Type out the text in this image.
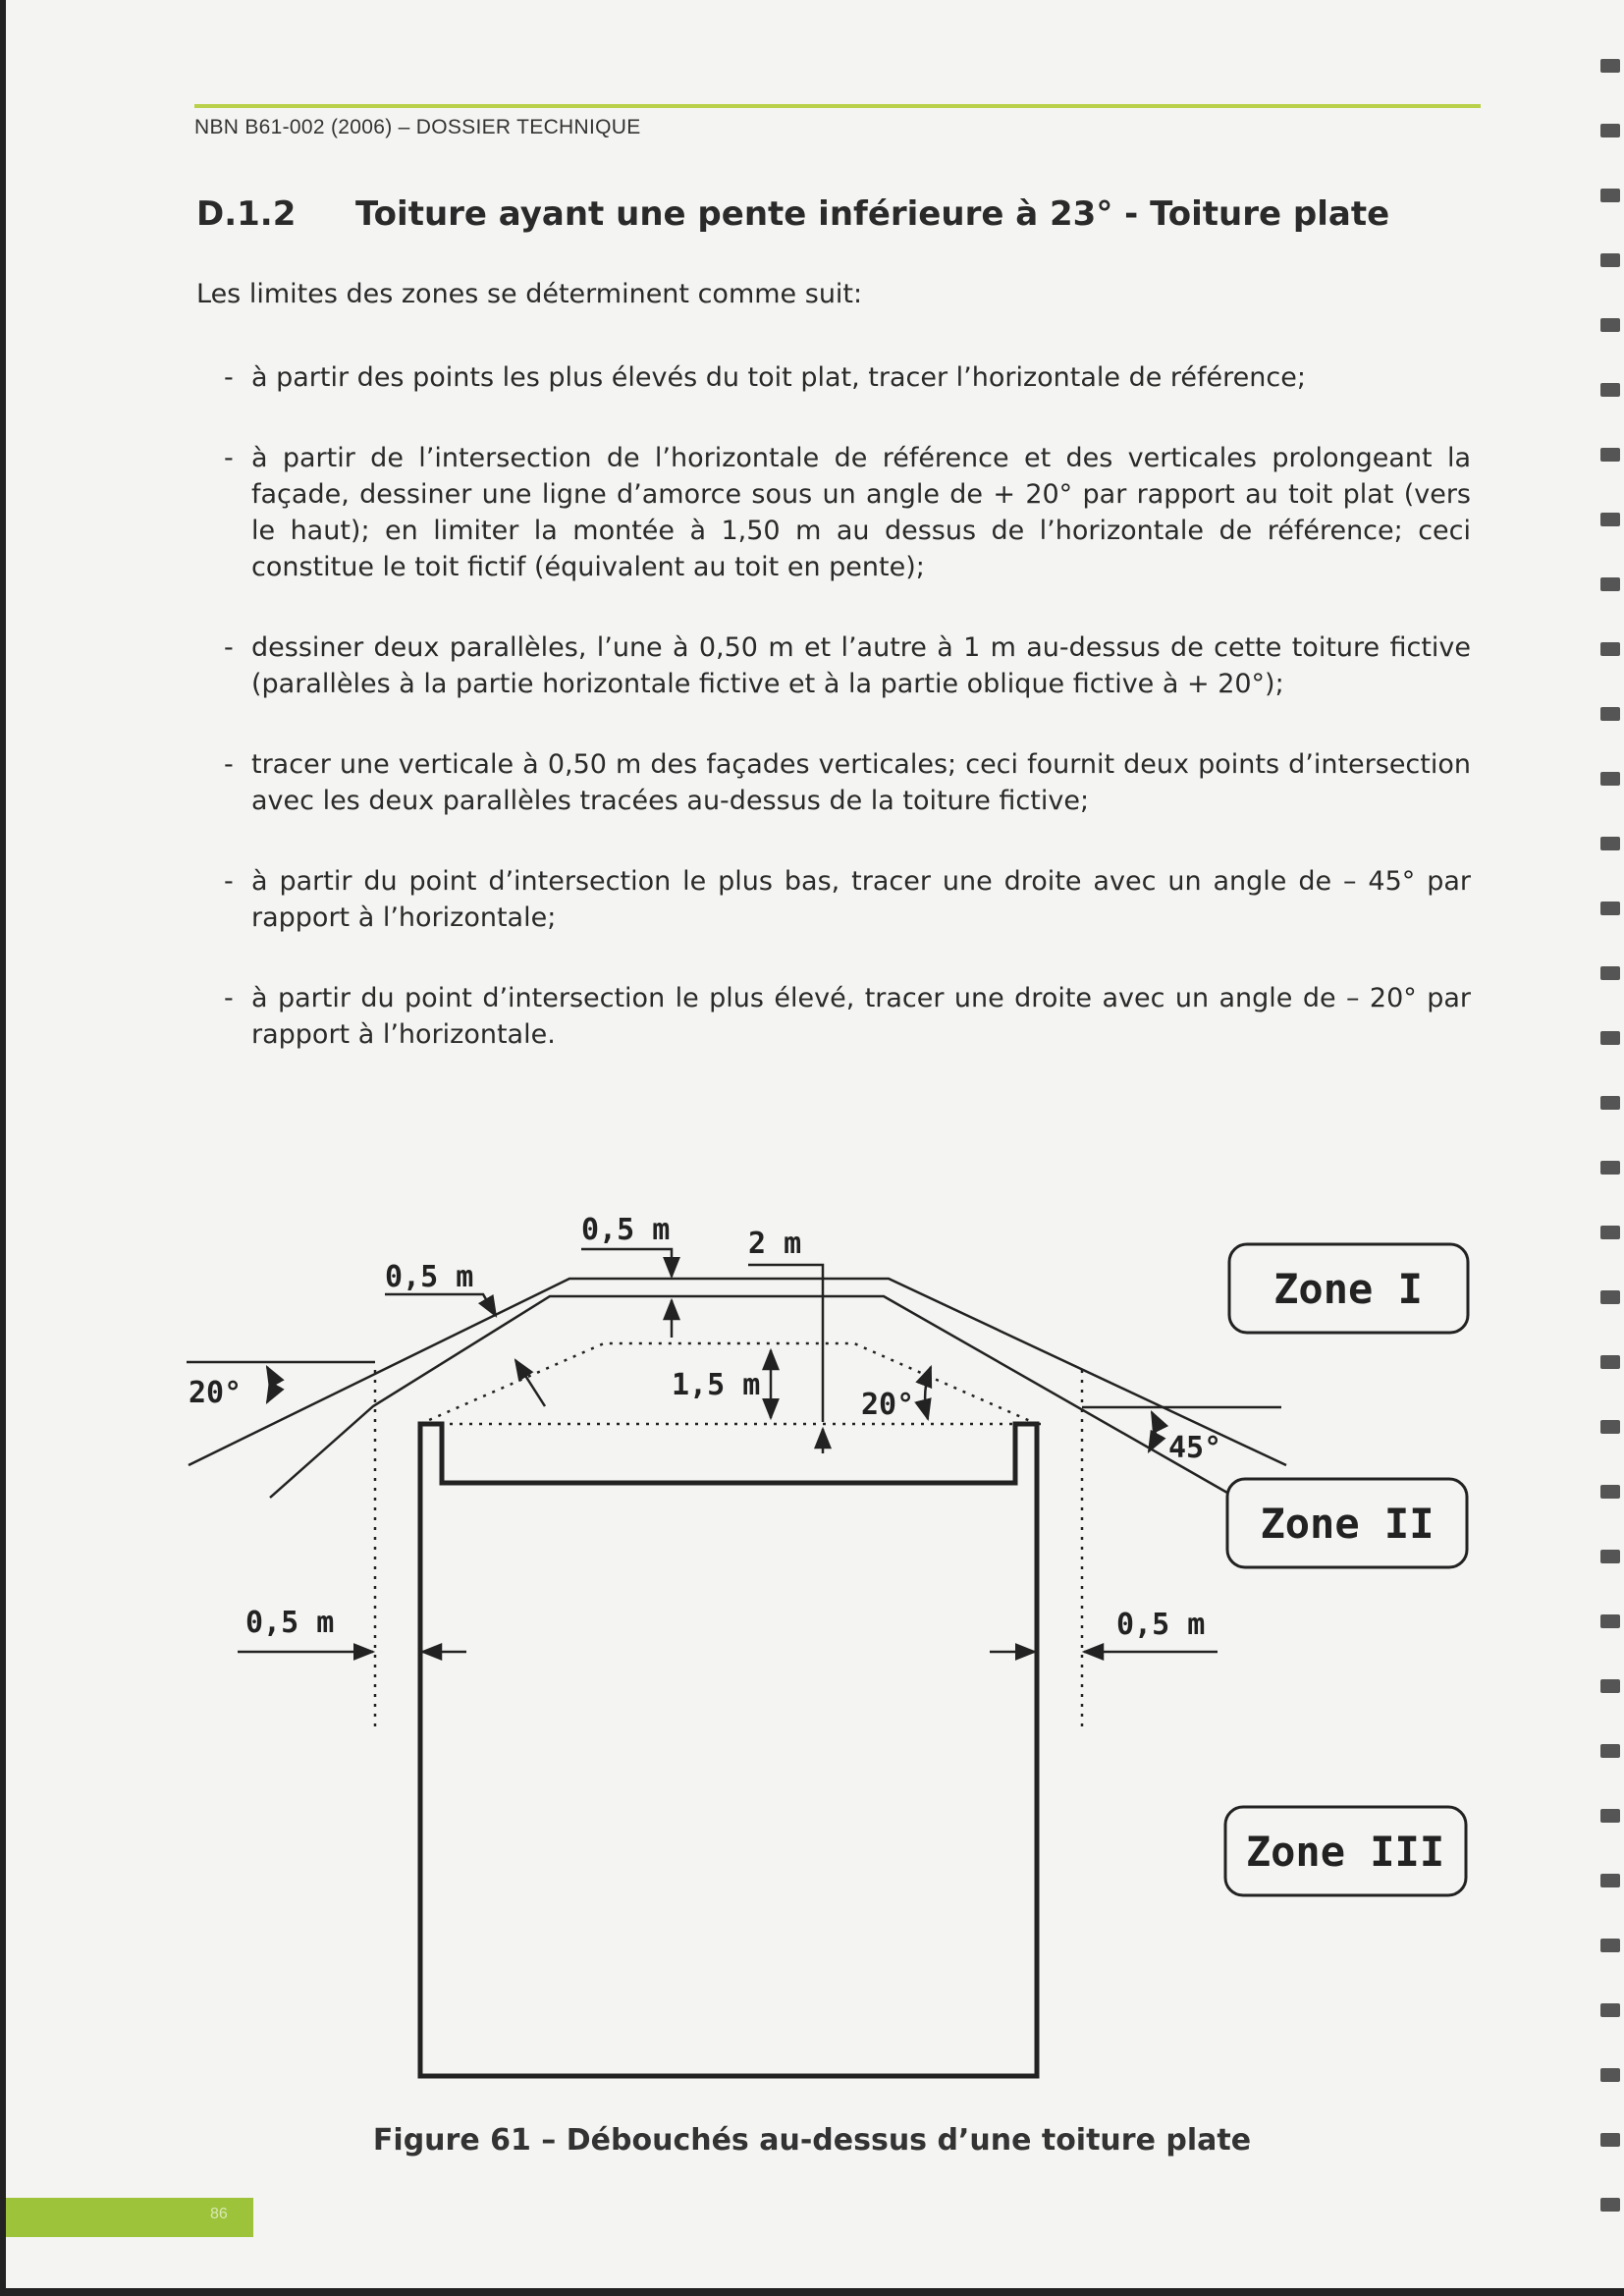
NBN B61-002 (2006) – DOSSIER TECHNIQUE
D.1.2 Toiture ayant une pente inférieure à 23° - Toiture plate
Les limites des zones se déterminent comme suit:
- à partir des points les plus élevés du toit plat, tracer l’horizontale de référence;
- à partir de l’intersection de l’horizontale de référence et des verticales prolongeant la façade, dessiner une ligne d’amorce sous un angle de + 20° par rapport au toit plat (vers le haut); en limiter la montée à 1,50 m au dessus de l’horizontale de référence; ceci constitue le toit fictif (équivalent au toit en pente);
- dessiner deux parallèles, l’une à 0,50 m et l’autre à 1 m au-dessus de cette toiture fictive (parallèles à la partie horizontale fictive et à la partie oblique fictive à + 20°);
- tracer une verticale à 0,50 m des façades verticales; ceci fournit deux points d’intersection avec les deux parallèles tracées au-dessus de la toiture fictive;
- à partir du point d’intersection le plus bas, tracer une droite avec un angle de – 45° par rapport à l’horizontale;
- à partir du point d’intersection le plus élevé, tracer une droite avec un angle de – 20° par rapport à l’horizontale.
20°
45°
20°
0,5 m	2 m
1,5 m
0,5 m
0,5 m	0,5 m
Zone I
Zone II
Zone III
Figure 61 – Débouchés au-dessus d’une toiture plate
86
